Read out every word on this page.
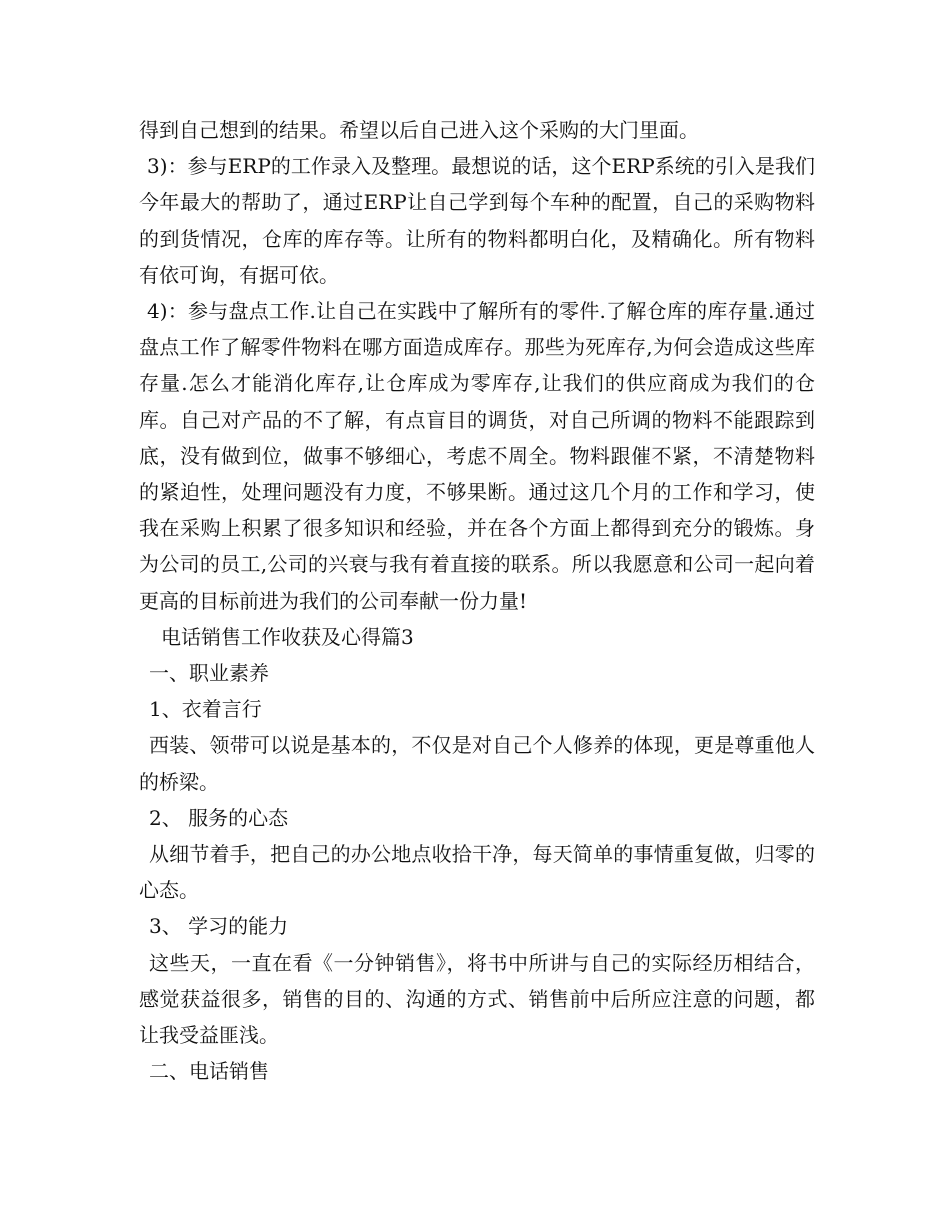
得到自己想到的结果。希望以后自己进入这个采购的大门里面。

3)：参与ERP的工作录入及整理。最想说的话，这个ERP系统的引入是我们今年最大的帮助了，通过ERP让自己学到每个车种的配置，自己的采购物料的到货情况，仓库的库存等。让所有的物料都明白化，及精确化。所有物料有依可询，有据可依。

4)：参与盘点工作.让自己在实践中了解所有的零件.了解仓库的库存量.通过盘点工作了解零件物料在哪方面造成库存。那些为死库存,为何会造成这些库存量.怎么才能消化库存,让仓库成为零库存,让我们的供应商成为我们的仓库。自己对产品的不了解，有点盲目的调货，对自己所调的物料不能跟踪到底，没有做到位，做事不够细心，考虑不周全。物料跟催不紧，不清楚物料的紧迫性，处理问题没有力度，不够果断。通过这几个月的工作和学习，使我在采购上积累了很多知识和经验，并在各个方面上都得到充分的锻炼。身为公司的员工,公司的兴衰与我有着直接的联系。所以我愿意和公司一起向着更高的目标前进为我们的公司奉献一份力量!

电话销售工作收获及心得篇3

一、职业素养

1、衣着言行

西装、领带可以说是基本的，不仅是对自己个人修养的体现，更是尊重他人的桥梁。

2、 服务的心态

从细节着手，把自己的办公地点收拾干净，每天简单的事情重复做，归零的心态。

3、 学习的能力

这些天，一直在看《一分钟销售》，将书中所讲与自己的实际经历相结合，感觉获益很多，销售的目的、沟通的方式、销售前中后所应注意的问题，都让我受益匪浅。

二、电话销售
